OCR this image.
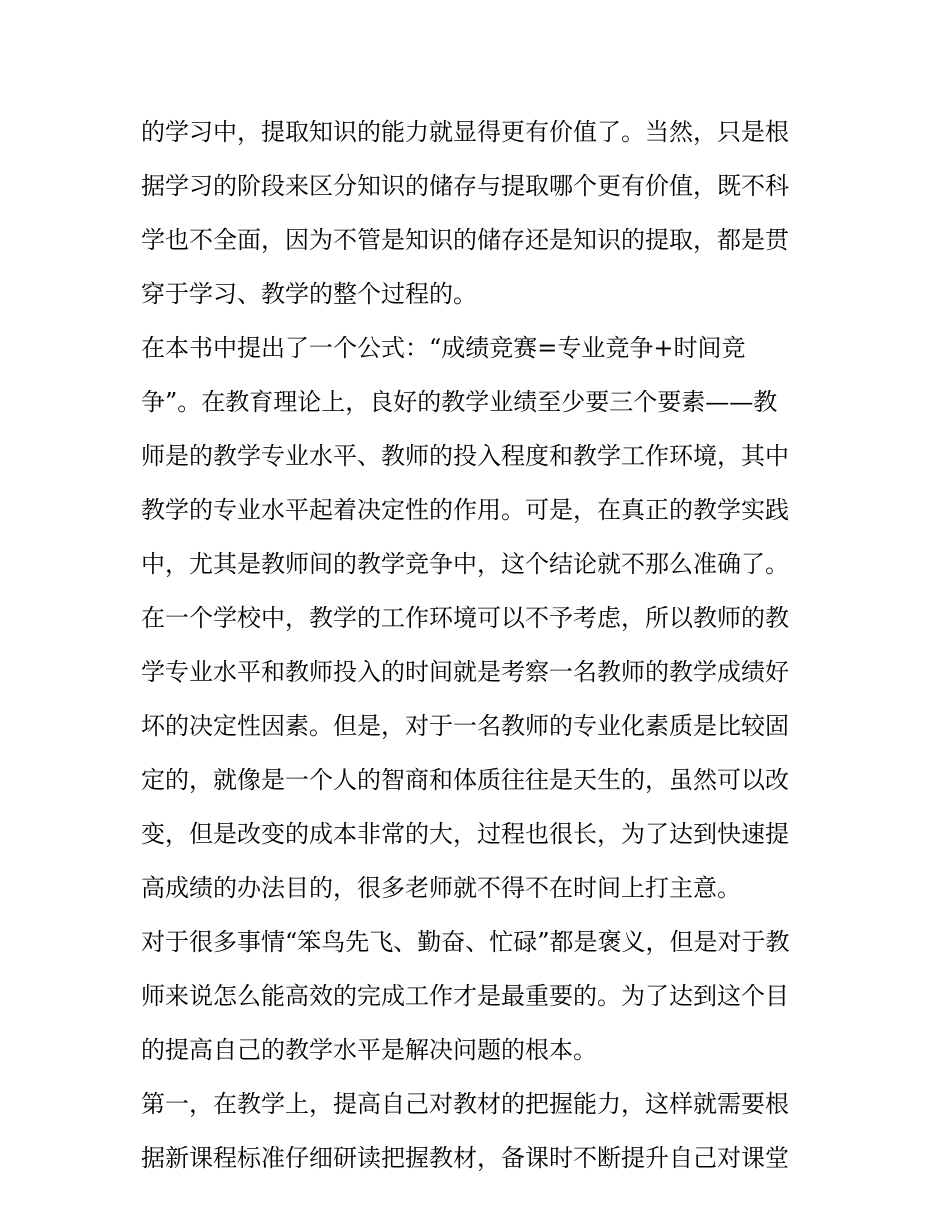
的学习中，提取知识的能力就显得更有价值了。当然，只是根
据学习的阶段来区分知识的储存与提取哪个更有价值，既不科
学也不全面，因为不管是知识的储存还是知识的提取，都是贯
穿于学习、教学的整个过程的。
在本书中提出了一个公式：“成绩竞赛=专业竞争+时间竞
争”。在教育理论上，良好的教学业绩至少要三个要素——教
师是的教学专业水平、教师的投入程度和教学工作环境，其中
教学的专业水平起着决定性的作用。可是，在真正的教学实践
中，尤其是教师间的教学竞争中，这个结论就不那么准确了。
在一个学校中，教学的工作环境可以不予考虑，所以教师的教
学专业水平和教师投入的时间就是考察一名教师的教学成绩好
坏的决定性因素。但是，对于一名教师的专业化素质是比较固
定的，就像是一个人的智商和体质往往是天生的，虽然可以改
变，但是改变的成本非常的大，过程也很长，为了达到快速提
高成绩的办法目的，很多老师就不得不在时间上打主意。
对于很多事情“笨鸟先飞、勤奋、忙碌”都是褒义，但是对于教
师来说怎么能高效的完成工作才是最重要的。为了达到这个目
的提高自己的教学水平是解决问题的根本。
第一，在教学上，提高自己对教材的把握能力，这样就需要根
据新课程标准仔细研读把握教材，备课时不断提升自己对课堂
